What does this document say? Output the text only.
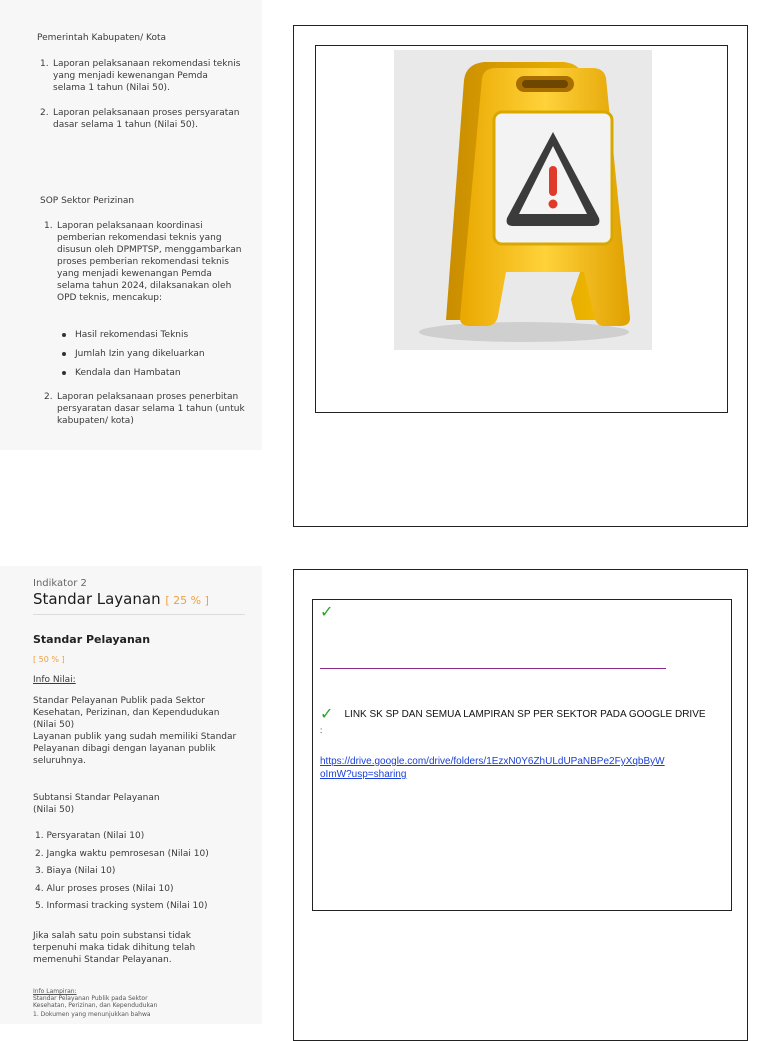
Pemerintah Kabupaten/ Kota
1. Laporan pelaksanaan rekomendasi teknis
yang menjadi kewenangan Pemda
selama 1 tahun (Nilai 50).
2. Laporan pelaksanaan proses persyaratan
dasar selama 1 tahun (Nilai 50).
SOP Sektor Perizinan
1. Laporan pelaksanaan koordinasi
pemberian rekomendasi teknis yang
disusun oleh DPMPTSP, menggambarkan
proses pemberian rekomendasi teknis
yang menjadi kewenangan Pemda
selama tahun 2024, dilaksanakan oleh
OPD teknis, mencakup:
Hasil rekomendasi Teknis
Jumlah Izin yang dikeluarkan
Kendala dan Hambatan
2. Laporan pelaksanaan proses penerbitan
persyaratan dasar selama 1 tahun (untuk
kabupaten/ kota)
Indikator 2
Standar Layanan [ 25 % ]
Standar Pelayanan
[ 50 % ]
Info Nilai:
Standar Pelayanan Publik pada Sektor
Kesehatan, Perizinan, dan Kependudukan
(Nilai 50)
Layanan publik yang sudah memiliki Standar
Pelayanan dibagi dengan layanan publik
seluruhnya.
Subtansi Standar Pelayanan
(Nilai 50)
1. Persyaratan (Nilai 10)
2. Jangka waktu pemrosesan (Nilai 10)
3. Biaya (Nilai 10)
4. Alur proses proses (Nilai 10)
5. Informasi tracking system (Nilai 10)
Jika salah satu poin substansi tidak
terpenuhi maka tidak dihitung telah
memenuhi Standar Pelayanan.
Info Lampiran:
Standar Pelayanan Publik pada Sektor
Kesehatan, Perizinan, dan Kependudukan
1. Dokumen yang menunjukkan bahwa
✓
✓ LINK SK SP DAN SEMUA LAMPIRAN SP PER SEKTOR PADA GOOGLE DRIVE
:
https://drive.google.com/drive/folders/1EzxN0Y6ZhULdUPaNBPe2FyXqbByW
oImW?usp=sharing
